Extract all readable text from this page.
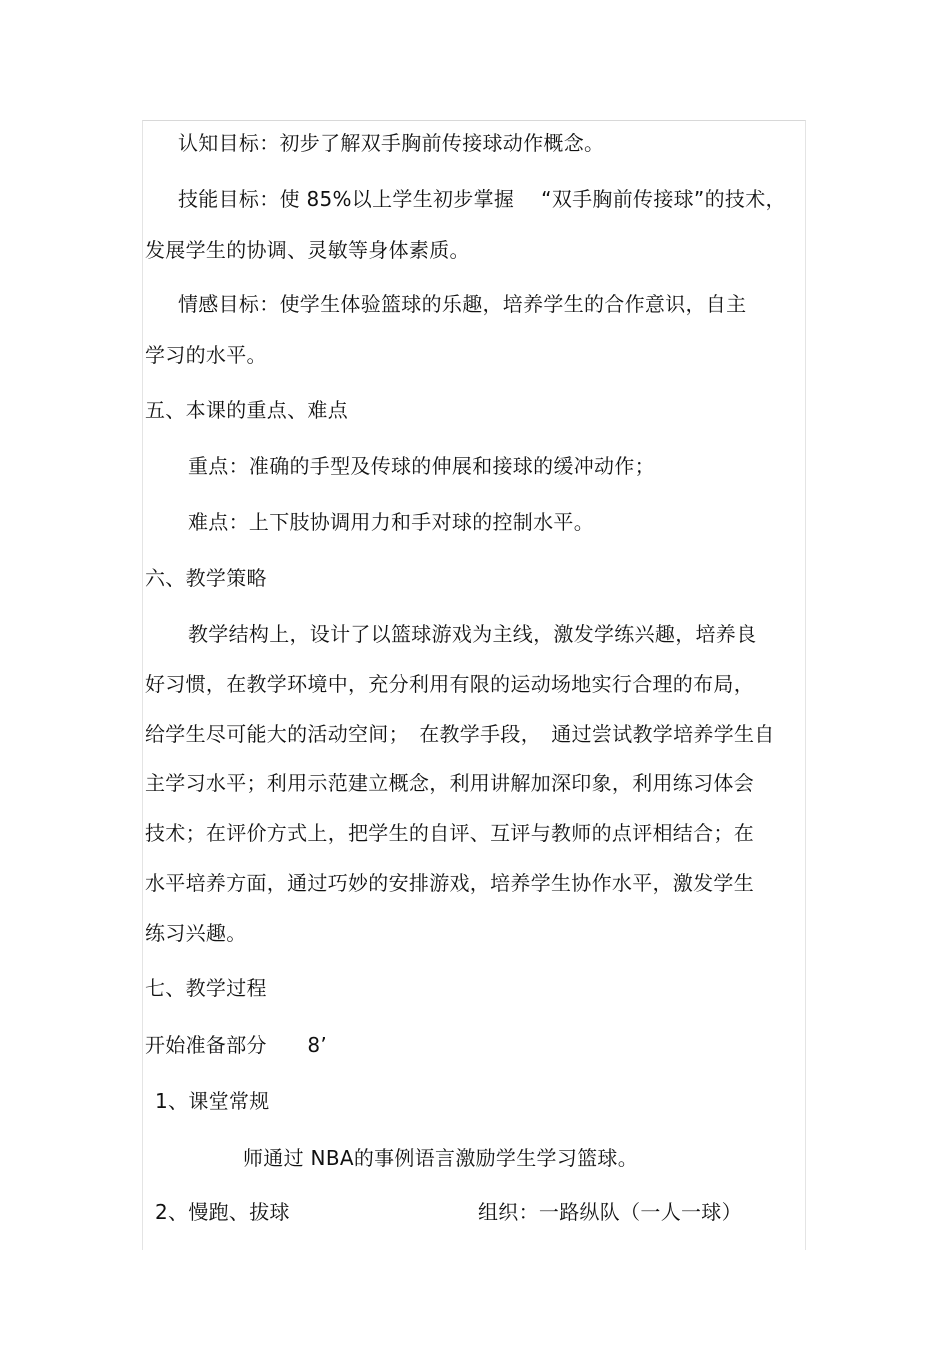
认知目标：初步了解双手胸前传接球动作概念。
技能目标：使 85%以上学生初步掌握 　“双手胸前传接球”的技术，
发展学生的协调、灵敏等身体素质。
情感目标：使学生体验篮球的乐趣，培养学生的合作意识，自主
学习的水平。
五、本课的重点、难点
重点：准确的手型及传球的伸展和接球的缓冲动作；
难点：上下肢协调用力和手对球的控制水平。
六、教学策略
教学结构上，设计了以篮球游戏为主线，激发学练兴趣，培养良
好习惯，在教学环境中，充分利用有限的运动场地实行合理的布局，
给学生尽可能大的活动空间；　在教学手段，　通过尝试教学培养学生自
主学习水平；利用示范建立概念，利用讲解加深印象，利用练习体会
技术；在评价方式上，把学生的自评、互评与教师的点评相结合；在
水平培养方面，通过巧妙的安排游戏，培养学生协作水平，激发学生
练习兴趣。
七、教学过程
开始准备部分　　8’
1、课堂常规
师通过 NBA的事例语言激励学生学习篮球。
2、慢跑、拔球	组织：一路纵队（一人一球）
